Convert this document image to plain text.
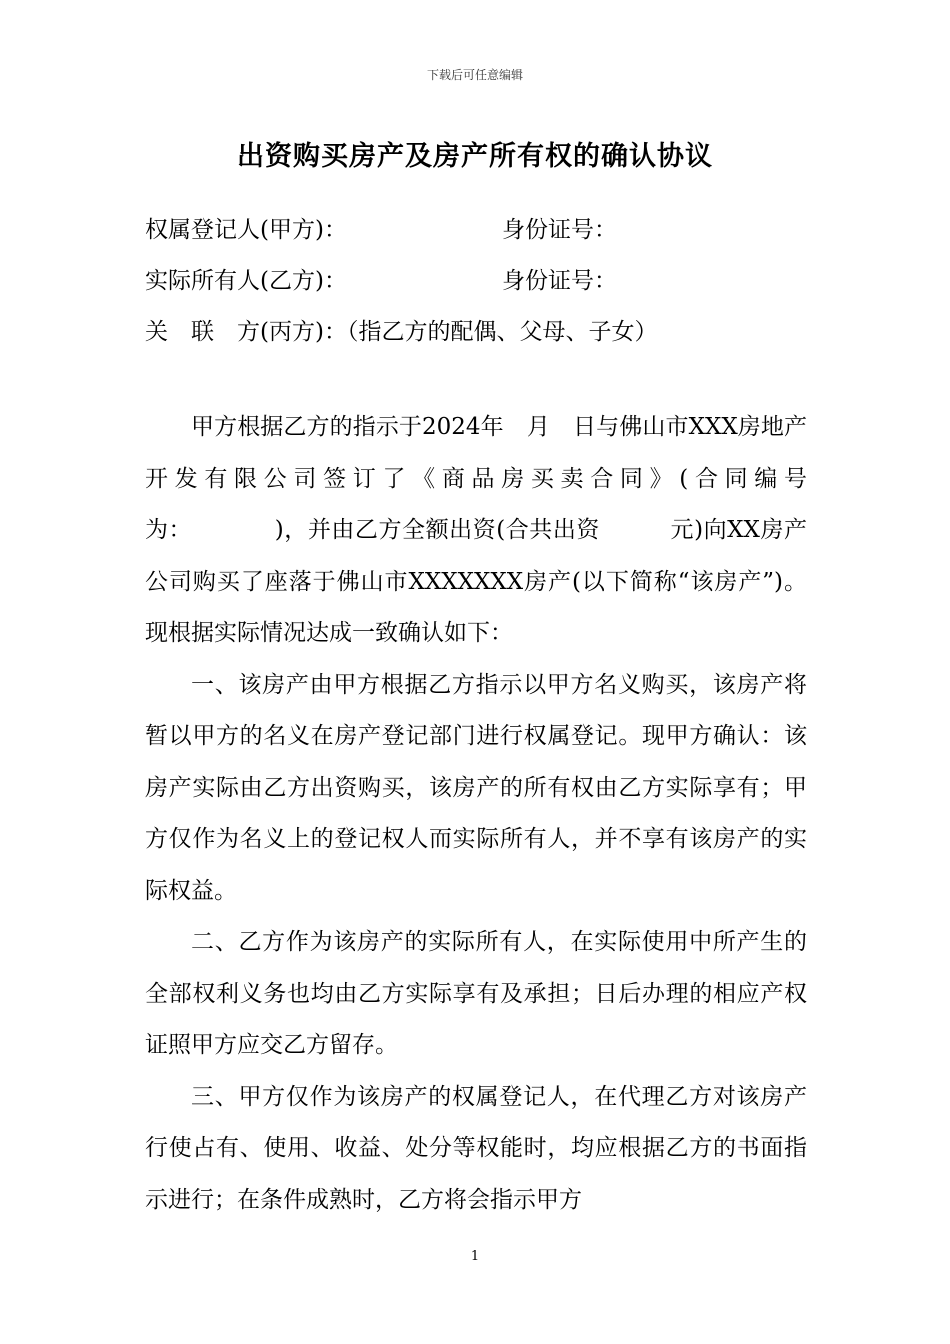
下载后可任意编辑
出资购买房产及房产所有权的确认协议
权属登记人(甲方)：	身份证号：
实际所有人(乙方)：	身份证号：
关　联　方(丙方)：（指乙方的配偶、父母、子女）

甲方根据乙方的指示于2024年　月　日与佛山市XXX房地产开发有限公司签订了《商品房买卖合同》(合同编号为：　　　　)，并由乙方全额出资(合共出资　　　元)向XX房产公司购买了座落于佛山市XXXXXXX房产(以下简称“该房产”)。现根据实际情况达成一致确认如下：

一、该房产由甲方根据乙方指示以甲方名义购买，该房产将暂以甲方的名义在房产登记部门进行权属登记。现甲方确认：该房产实际由乙方出资购买，该房产的所有权由乙方实际享有；甲方仅作为名义上的登记权人而实际所有人，并不享有该房产的实际权益。

二、乙方作为该房产的实际所有人，在实际使用中所产生的全部权利义务也均由乙方实际享有及承担；日后办理的相应产权证照甲方应交乙方留存。

三、甲方仅作为该房产的权属登记人，在代理乙方对该房产行使占有、使用、收益、处分等权能时，均应根据乙方的书面指示进行；在条件成熟时，乙方将会指示甲方

1
